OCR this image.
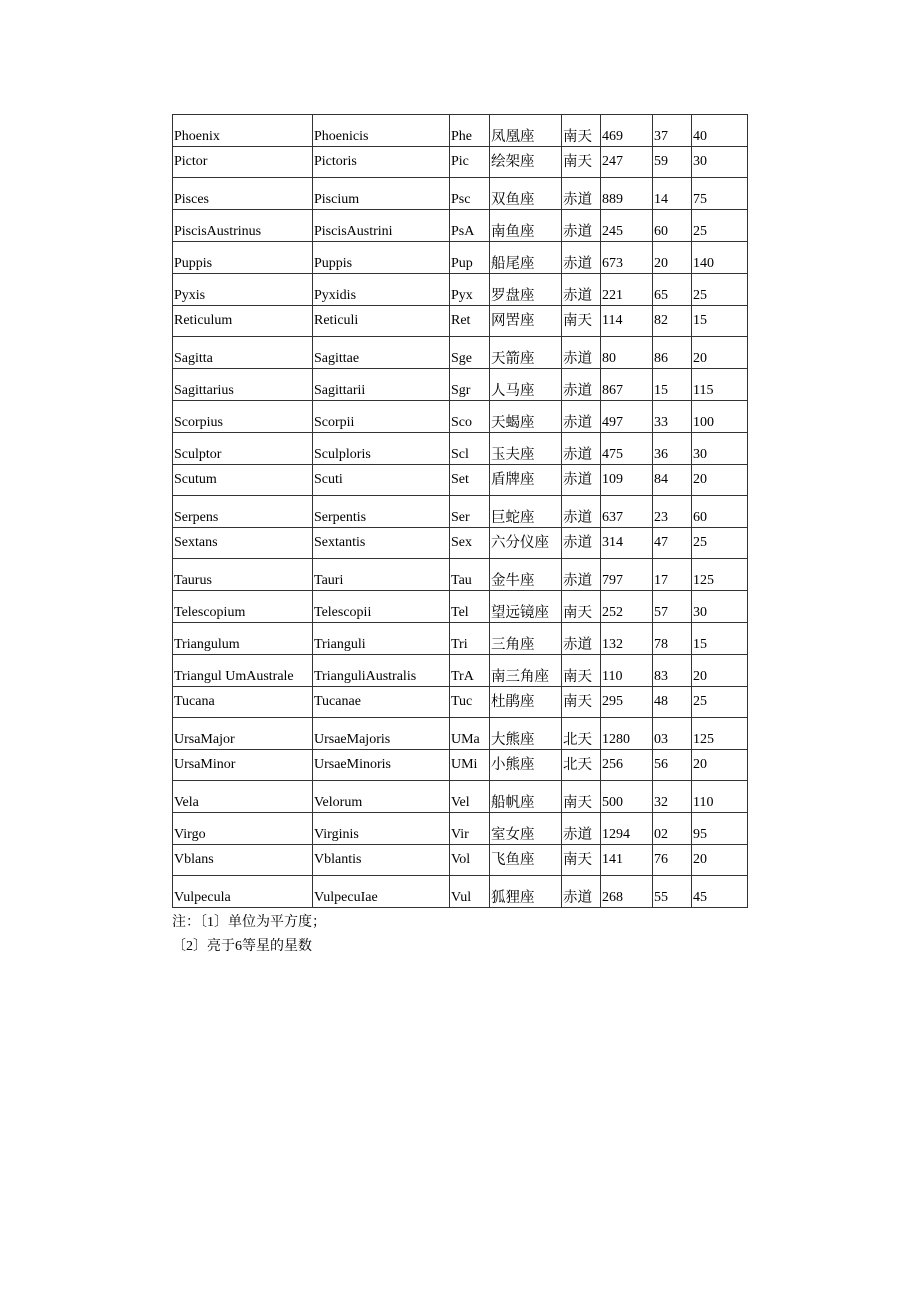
Phoenix	Phoenicis	Phe	凤凰座	南天	469	37	40
Pictor	Pictoris	Pic	绘架座	南天	247	59	30
Pisces	Piscium	Psc	双鱼座	赤道	889	14	75
PiscisAustrinus	PiscisAustrini	PsA	南鱼座	赤道	245	60	25
Puppis	Puppis	Pup	船尾座	赤道	673	20	140
Pyxis	Pyxidis	Pyx	罗盘座	赤道	221	65	25
Reticulum	Reticuli	Ret	网罟座	南天	114	82	15
Sagitta	Sagittae	Sge	天箭座	赤道	80	86	20
Sagittarius	Sagittarii	Sgr	人马座	赤道	867	15	115
Scorpius	Scorpii	Sco	天蝎座	赤道	497	33	100
Sculptor	Sculploris	Scl	玉夫座	赤道	475	36	30
Scutum	Scuti	Set	盾牌座	赤道	109	84	20
Serpens	Serpentis	Ser	巨蛇座	赤道	637	23	60
Sextans	Sextantis	Sex	六分仪座	赤道	314	47	25
Taurus	Tauri	Tau	金牛座	赤道	797	17	125
Telescopium	Telescopii	Tel	望远镜座	南天	252	57	30
Triangulum	Trianguli	Tri	三角座	赤道	132	78	15
Triangul UmAustrale	TrianguliAustralis	TrA	南三角座	南天	110	83	20
Tucana	Tucanae	Tuc	杜鹃座	南天	295	48	25
UrsaMajor	UrsaeMajoris	UMa	大熊座	北天	1280	03	125
UrsaMinor	UrsaeMinoris	UMi	小熊座	北天	256	56	20
Vela	Velorum	Vel	船帆座	南天	500	32	110
Virgo	Virginis	Vir	室女座	赤道	1294	02	95
Vblans	Vblantis	Vol	飞鱼座	南天	141	76	20
Vulpecula	VulpecuIae	Vul	狐狸座	赤道	268	55	45
注：〔1〕单位为平方度；
〔2〕亮于6等星的星数
